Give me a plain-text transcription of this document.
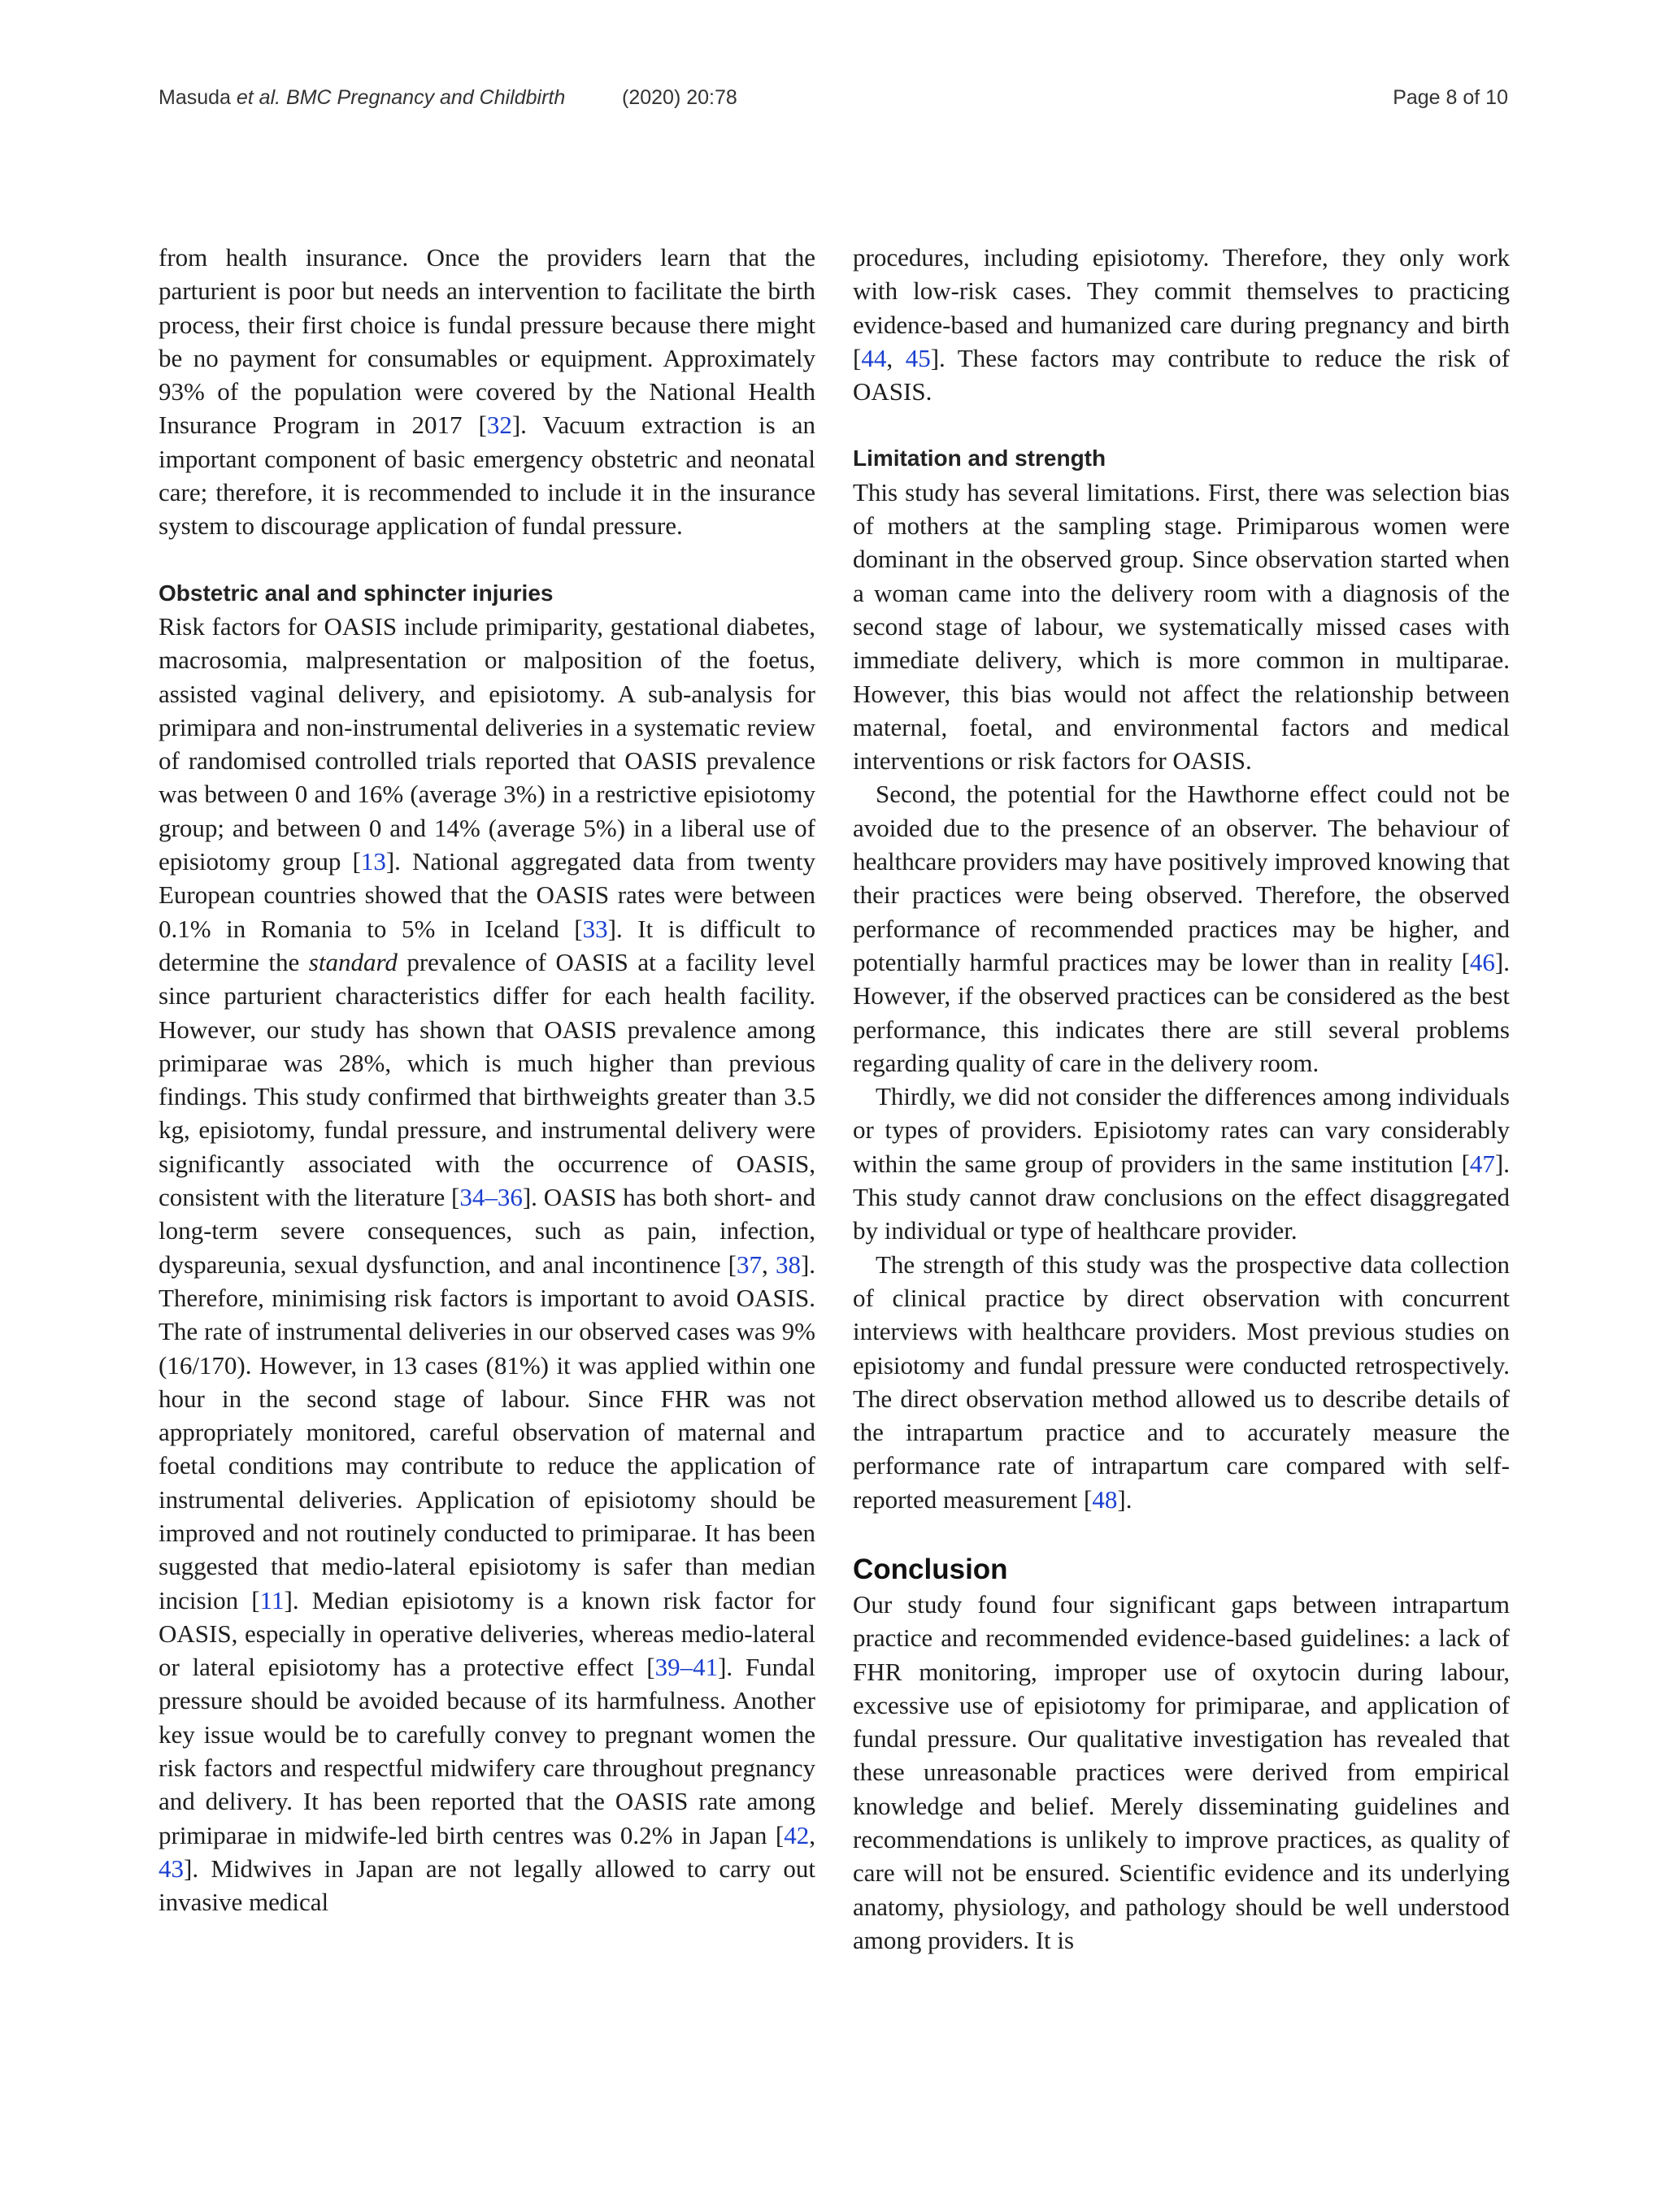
Masuda et al. BMC Pregnancy and Childbirth	(2020) 20:78	Page 8 of 10

from health insurance. Once the providers learn that the parturient is poor but needs an intervention to facilitate the birth process, their first choice is fundal pressure because there might be no payment for consumables or equipment. Approximately 93% of the population were covered by the National Health Insurance Program in 2017 [32]. Vacuum extraction is an important component of basic emergency obstetric and neonatal care; therefore, it is recommended to include it in the insurance system to discourage application of fundal pressure.

Obstetric anal and sphincter injuries

Risk factors for OASIS include primiparity, gestational diabetes, macrosomia, malpresentation or malposition of the foetus, assisted vaginal delivery, and episiotomy. A sub-analysis for primipara and non-instrumental deliveries in a systematic review of randomised controlled trials reported that OASIS prevalence was between 0 and 16% (average 3%) in a restrictive episiotomy group; and between 0 and 14% (average 5%) in a liberal use of episiotomy group [13]. National aggregated data from twenty European countries showed that the OASIS rates were between 0.1% in Romania to 5% in Iceland [33]. It is difficult to determine the standard prevalence of OASIS at a facility level since parturient characteristics differ for each health facility. However, our study has shown that OASIS prevalence among primiparae was 28%, which is much higher than previous findings. This study confirmed that birthweights greater than 3.5 kg, episiotomy, fundal pressure, and instrumental delivery were significantly associated with the occurrence of OASIS, consistent with the literature [34–36]. OASIS has both short- and long-term severe consequences, such as pain, infection, dyspareunia, sexual dysfunction, and anal incontinence [37, 38]. Therefore, minimising risk factors is important to avoid OASIS. The rate of instrumental deliveries in our observed cases was 9% (16/170). However, in 13 cases (81%) it was applied within one hour in the second stage of labour. Since FHR was not appropriately monitored, careful observation of maternal and foetal conditions may contribute to reduce the application of instrumental deliveries. Application of episiotomy should be improved and not routinely conducted to primiparae. It has been suggested that medio-lateral episiotomy is safer than median incision [11]. Median episiotomy is a known risk factor for OASIS, especially in operative deliveries, whereas medio-lateral or lateral episiotomy has a protective effect [39–41]. Fundal pressure should be avoided because of its harmfulness. Another key issue would be to carefully convey to pregnant women the risk factors and respectful midwifery care throughout pregnancy and delivery. It has been reported that the OASIS rate among primiparae in midwife-led birth centres was 0.2% in Japan [42, 43]. Midwives in Japan are not legally allowed to carry out invasive medical

procedures, including episiotomy. Therefore, they only work with low-risk cases. They commit themselves to practicing evidence-based and humanized care during pregnancy and birth [44, 45]. These factors may contribute to reduce the risk of OASIS.

Limitation and strength

This study has several limitations. First, there was selection bias of mothers at the sampling stage. Primiparous women were dominant in the observed group. Since observation started when a woman came into the delivery room with a diagnosis of the second stage of labour, we systematically missed cases with immediate delivery, which is more common in multiparae. However, this bias would not affect the relationship between maternal, foetal, and environmental factors and medical interventions or risk factors for OASIS.

Second, the potential for the Hawthorne effect could not be avoided due to the presence of an observer. The behaviour of healthcare providers may have positively improved knowing that their practices were being observed. Therefore, the observed performance of recommended practices may be higher, and potentially harmful practices may be lower than in reality [46]. However, if the observed practices can be considered as the best performance, this indicates there are still several problems regarding quality of care in the delivery room.

Thirdly, we did not consider the differences among individuals or types of providers. Episiotomy rates can vary considerably within the same group of providers in the same institution [47]. This study cannot draw conclusions on the effect disaggregated by individual or type of healthcare provider.

The strength of this study was the prospective data collection of clinical practice by direct observation with concurrent interviews with healthcare providers. Most previous studies on episiotomy and fundal pressure were conducted retrospectively. The direct observation method allowed us to describe details of the intrapartum practice and to accurately measure the performance rate of intrapartum care compared with self-reported measurement [48].

Conclusion

Our study found four significant gaps between intrapartum practice and recommended evidence-based guidelines: a lack of FHR monitoring, improper use of oxytocin during labour, excessive use of episiotomy for primiparae, and application of fundal pressure. Our qualitative investigation has revealed that these unreasonable practices were derived from empirical knowledge and belief. Merely disseminating guidelines and recommendations is unlikely to improve practices, as quality of care will not be ensured. Scientific evidence and its underlying anatomy, physiology, and pathology should be well understood among providers. It is
